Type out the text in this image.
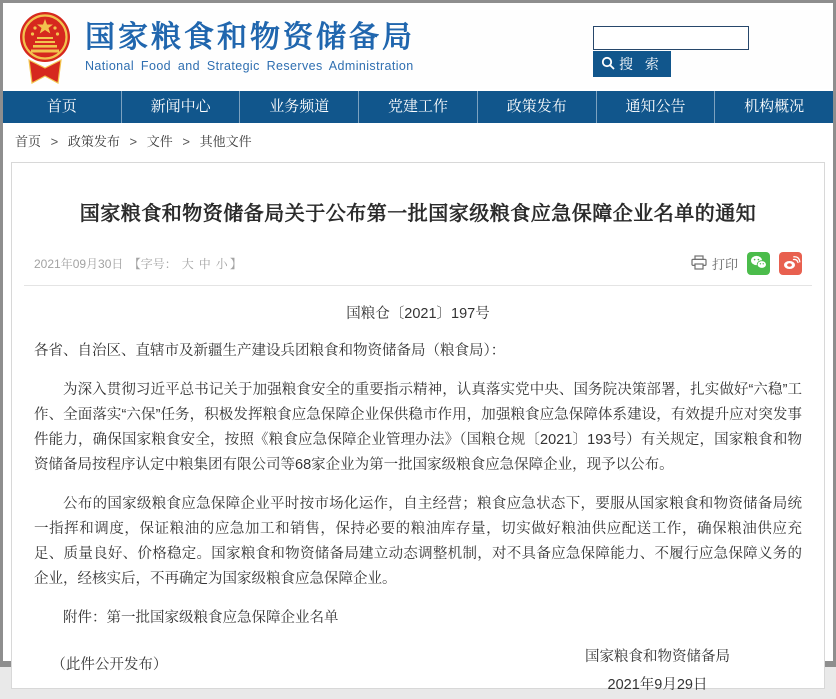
国家粮食和物资储备局
National Food and Strategic Reserves Administration	搜 索
首页	新闻中心	业务频道	党建工作	政策发布	通知公告	机构概况
首页 > 政策发布 > 文件 > 其他文件
国家粮食和物资储备局关于公布第一批国家级粮食应急保障企业名单的通知
2021年09月30日 【字号： 大 中 小 】	打印
国粮仓〔2021〕197号

各省、自治区、直辖市及新疆生产建设兵团粮食和物资储备局（粮食局）：

为深入贯彻习近平总书记关于加强粮食安全的重要指示精神，认真落实党中央、国务院决策部署，扎实做好“六稳”工作、全面落实“六保”任务，积极发挥粮食应急保障企业保供稳市作用，加强粮食应急保障体系建设，有效提升应对突发事件能力，确保国家粮食安全，按照《粮食应急保障企业管理办法》（国粮仓规〔2021〕193号）有关规定，国家粮食和物资储备局按程序认定中粮集团有限公司等68家企业为第一批国家级粮食应急保障企业，现予以公布。

公布的国家级粮食应急保障企业平时按市场化运作，自主经营；粮食应急状态下，要服从国家粮食和物资储备局统一指挥和调度，保证粮油的应急加工和销售，保持必要的粮油库存量，切实做好粮油供应配送工作，确保粮油供应充足、质量良好、价格稳定。国家粮食和物资储备局建立动态调整机制，对不具备应急保障能力、不履行应急保障义务的企业，经核实后，不再确定为国家级粮食应急保障企业。

附件：第一批国家级粮食应急保障企业名单

国家粮食和物资储备局
2021年9月29日
（此件公开发布）
